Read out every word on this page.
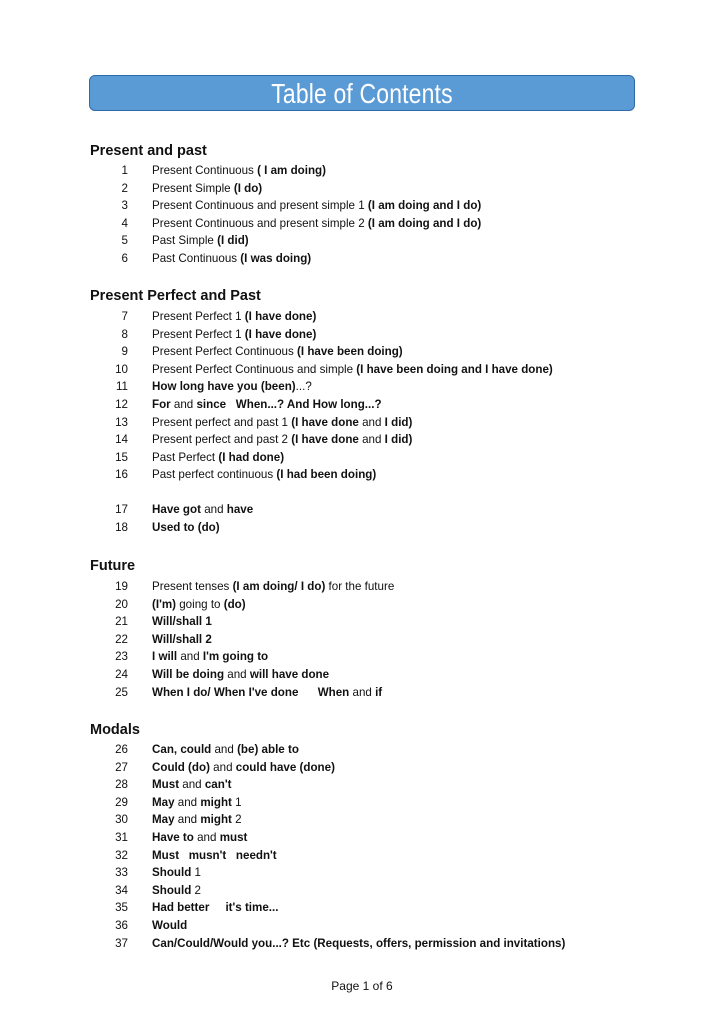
Table of Contents
Present and past
1 Present Continuous ( I am doing)
2 Present Simple (I do)
3 Present Continuous and present simple 1 (I am doing and I do)
4 Present Continuous and present simple 2 (I am doing and I do)
5 Past Simple (I did)
6 Past Continuous (I was doing)
Present Perfect and Past
7 Present Perfect 1 (I have done)
8 Present Perfect 1 (I have done)
9 Present Perfect Continuous (I have been doing)
10 Present Perfect Continuous and simple (I have been doing and I have done)
11 How long have you (been)...?
12 For and since   When...? And How long...?
13 Present perfect and past 1 (I have done and I did)
14 Present perfect and past 2 (I have done and I did)
15 Past Perfect (I had done)
16 Past perfect continuous (I had been doing)
17 Have got and have
18 Used to (do)
Future
19 Present tenses (I am doing/ I do) for the future
20 (I'm) going to (do)
21 Will/shall 1
22 Will/shall 2
23 I will and I'm going to
24 Will be doing and will have done
25 When I do/ When I've done      When and if
Modals
26 Can, could and (be) able to
27 Could (do) and could have (done)
28 Must and can't
29 May and might 1
30 May and might 2
31 Have to and must
32 Must   musn't   needn't
33 Should 1
34 Should 2
35 Had better     it's time...
36 Would
37 Can/Could/Would you...? Etc (Requests, offers, permission and invitations)
Page 1 of 6
